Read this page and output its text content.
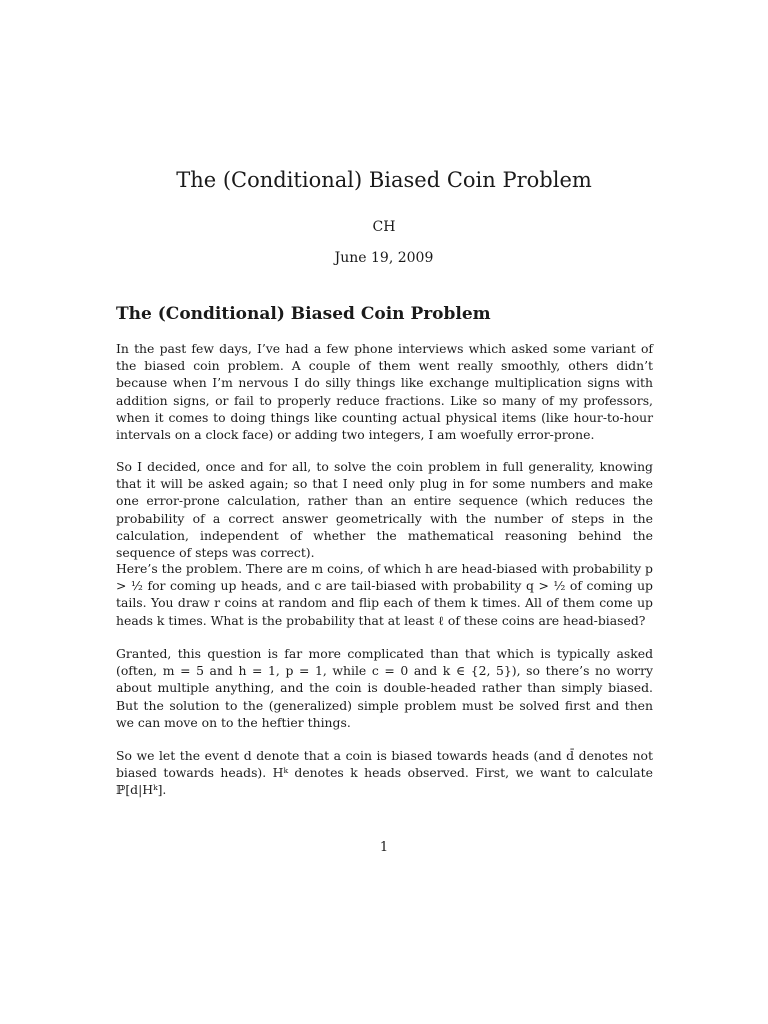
The (Conditional) Biased Coin Problem
CH
June 19, 2009
The (Conditional) Biased Coin Problem

In the past few days, I’ve had a few phone interviews which asked some variant of the biased coin problem. A couple of them went really smoothly, others didn’t because when I’m nervous I do silly things like exchange multiplication signs with addition signs, or fail to properly reduce fractions. Like so many of my professors, when it comes to doing things like counting actual physical items (like hour-to-hour intervals on a clock face) or adding two integers, I am woefully error-prone.

So I decided, once and for all, to solve the coin problem in full generality, knowing that it will be asked again; so that I need only plug in for some numbers and make one error-prone calculation, rather than an entire sequence (which reduces the probability of a correct answer geometrically with the number of steps in the calculation, independent of whether the mathematical reasoning behind the sequence of steps was correct).

Here’s the problem. There are m coins, of which h are head-biased with probability p > ½ for coming up heads, and c are tail-biased with probability q > ½ of coming up tails. You draw r coins at random and flip each of them k times. All of them come up heads k times. What is the probability that at least ℓ of these coins are head-biased?

Granted, this question is far more complicated than that which is typically asked (often, m = 5 and h = 1, p = 1, while c = 0 and k ∈ {2, 5}), so there’s no worry about multiple anything, and the coin is double-headed rather than simply biased. But the solution to the (generalized) simple problem must be solved first and then we can move on to the heftier things.

So we let the event d denote that a coin is biased towards heads (and d̄ denotes not biased towards heads). Hᵏ denotes k heads observed. First, we want to calculate ℙ[d|Hᵏ].

1
